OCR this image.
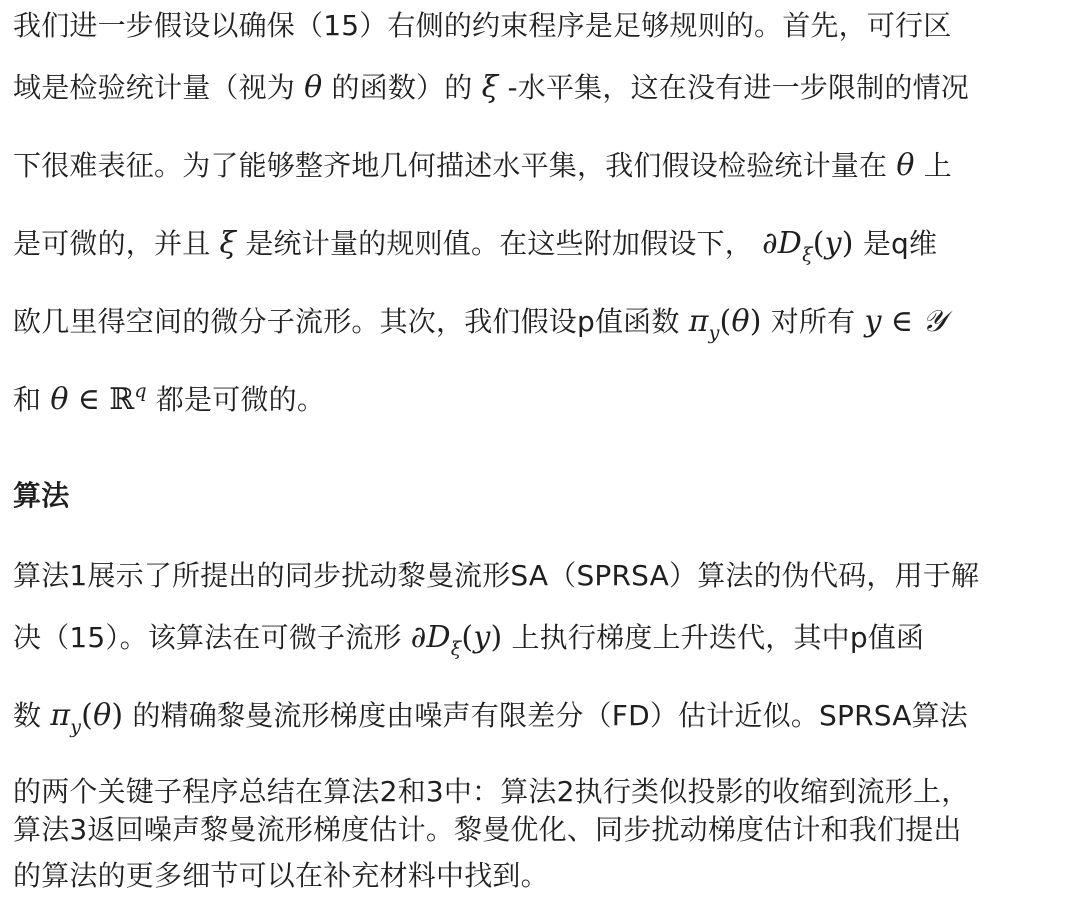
我们进一步假设以确保（15）右侧的约束程序是足够规则的。首先，可行区
域是检验统计量（视为 θ 的函数）的 ξ -水平集，这在没有进一步限制的情况
下很难表征。为了能够整齐地几何描述水平集，我们假设检验统计量在 θ 上
是可微的，并且 ξ 是统计量的规则值。在这些附加假设下， $\partial D_\xi(y)$ 是q维
欧几里得空间的微分子流形。其次，我们假设p值函数 $\pi_y(\theta)$ 对所有 y ∈ 𝒴
和 θ ∈ ℝ$^q$ 都是可微的。
算法
算法1展示了所提出的同步扰动黎曼流形SA（SPRSA）算法的伪代码，用于解
决（15）。该算法在可微子流形 $\partial D_\xi(y)$ 上执行梯度上升迭代，其中p值函
数 $\pi_y(\theta)$ 的精确黎曼流形梯度由噪声有限差分（FD）估计近似。SPRSA算法
的两个关键子程序总结在算法2和3中：算法2执行类似投影的收缩到流形上，
算法3返回噪声黎曼流形梯度估计。黎曼优化、同步扰动梯度估计和我们提出
的算法的更多细节可以在补充材料中找到。
